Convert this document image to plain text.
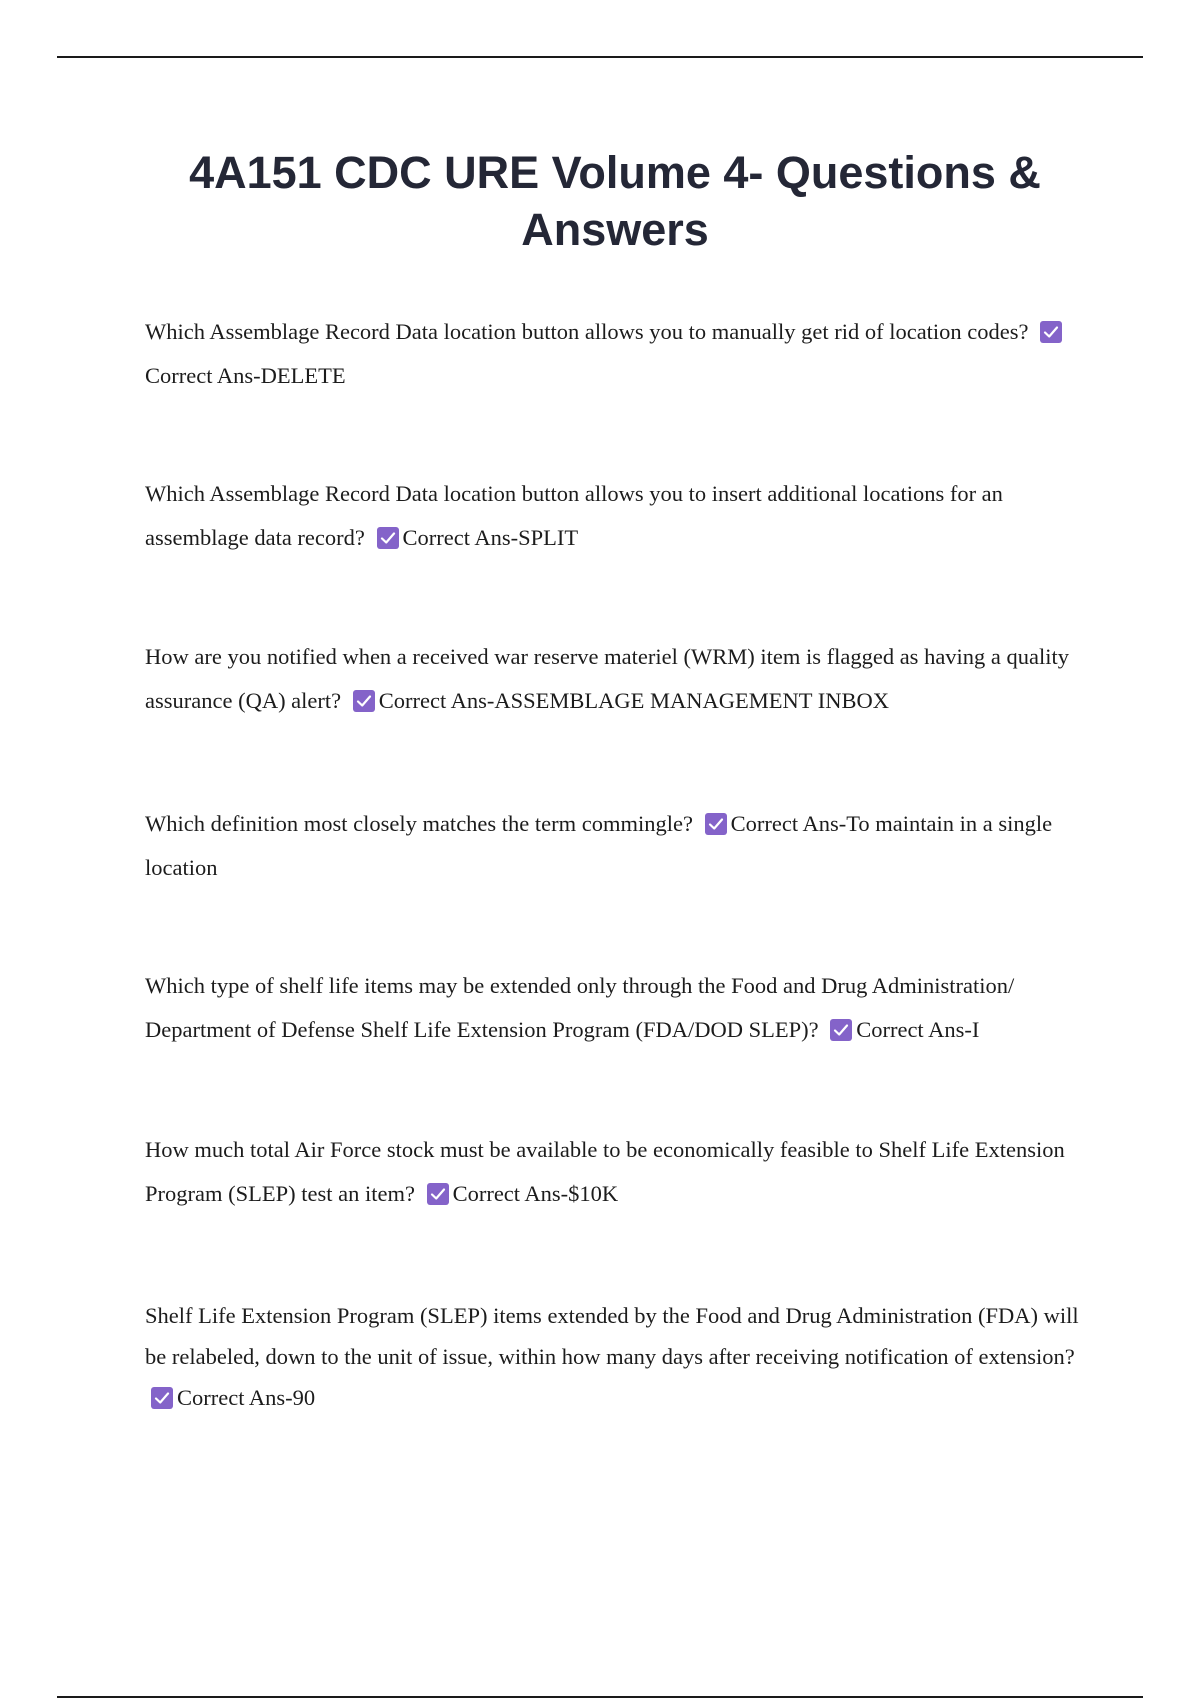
4A151 CDC URE Volume 4- Questions & Answers

Which Assemblage Record Data location button allows you to manually get rid of location codes?
Correct Ans-DELETE

Which Assemblage Record Data location button allows you to insert additional locations for an assemblage data record? Correct Ans-SPLIT

How are you notified when a received war reserve materiel (WRM) item is flagged as having a quality assurance (QA) alert? Correct Ans-ASSEMBLAGE MANAGEMENT INBOX

Which definition most closely matches the term commingle? Correct Ans-To maintain in a single location

Which type of shelf life items may be extended only through the Food and Drug Administration/ Department of Defense Shelf Life Extension Program (FDA/DOD SLEP)? Correct Ans-I

How much total Air Force stock must be available to be economically feasible to Shelf Life Extension Program (SLEP) test an item? Correct Ans-$10K

Shelf Life Extension Program (SLEP) items extended by the Food and Drug Administration (FDA) will be relabeled, down to the unit of issue, within how many days after receiving notification of extension?
Correct Ans-90
